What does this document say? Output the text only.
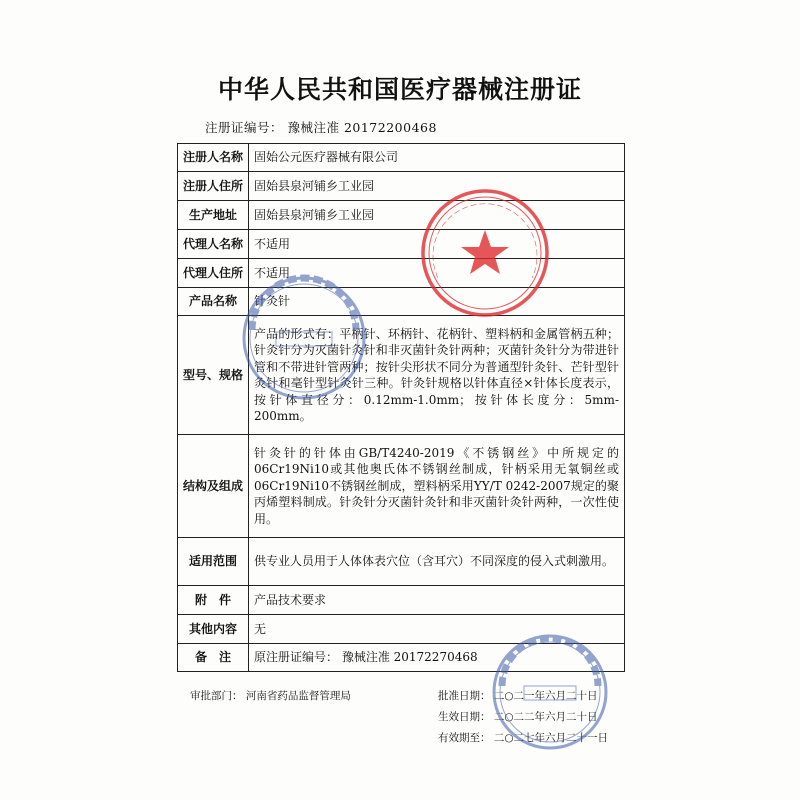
中华人民共和国医疗器械注册证
注册证编号： 豫械注准 20172200468
注册人名称	固始公元医疗器械有限公司
注册人住所	固始县泉河铺乡工业园
生产地址	固始县泉河铺乡工业园
代理人名称	不适用
代理人住所	不适用
产品名称	针灸针
型号、规格	产品的形式有：平柄针、环柄针、花柄针、塑料柄和金属管柄五种；针灸针分为灭菌针灸针和非灭菌针灸针两种；灭菌针灸针分为带进针管和不带进针管两种；按针尖形状不同分为普通型针灸针、芒针型针灸针和毫针型针灸针三种。针灸针规格以针体直径×针体长度表示，按针体直径分：0.12mm-1.0mm；按针体长度分：5mm-200mm。
结构及组成	针灸针的针体由GB/T4240-2019《不锈钢丝》中所规定的06Cr19Ni10或其他奥氏体不锈钢丝制成，针柄采用无氧铜丝或06Cr19Ni10不锈钢丝制成，塑料柄采用YY/T 0242-2007规定的聚丙烯塑料制成。针灸针分灭菌针灸针和非灭菌针灸针两种，一次性使用。
适用范围	供专业人员用于人体体表穴位（含耳穴）不同深度的侵入式刺激用。
附　件	产品技术要求
其他内容	无
备　注	原注册证编号： 豫械注准 20172270468
审批部门： 河南省药品监督管理局	批准日期： 二○二一年六月二十日
生效日期： 二○二二年六月二十日
有效期至： 二○二七年六月二十一日
